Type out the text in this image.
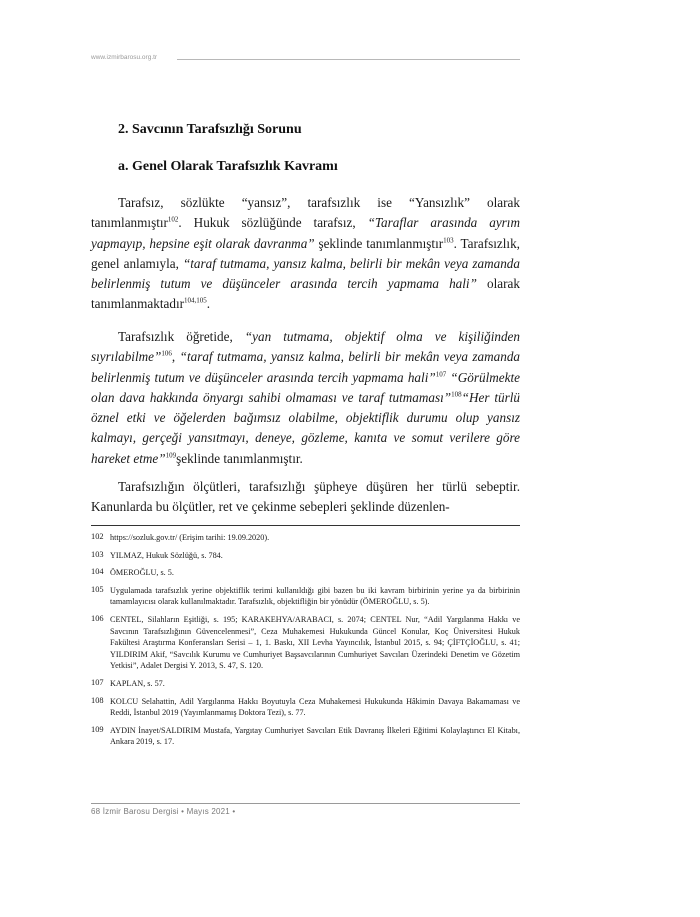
www.izmirbarosu.org.tr
2. Savcının Tarafsızlığı Sorunu
a. Genel Olarak Tarafsızlık Kavramı

Tarafsız, sözlükte “yansız”, tarafsızlık ise “Yansızlık” olarak tanımlanmıştır$^{102}$. Hukuk sözlüğünde tarafsız, “Taraflar arasında ayrım yapmayıp, hepsine eşit olarak davranma” şeklinde tanımlanmıştır$^{103}$. Tarafsızlık, genel anlamıyla, “taraf tutmama, yansız kalma, belirli bir mekân veya zamanda belirlenmiş tutum ve düşünceler arasında tercih yapmama hali” olarak tanımlanmaktadır$^{104,105}$.

Tarafsızlık öğretide, “yan tutmama, objektif olma ve kişiliğinden sıyrılabilme”$^{106}$, “taraf tutmama, yansız kalma, belirli bir mekân veya zamanda belirlenmiş tutum ve düşünceler arasında tercih yapmama hali”$^{107}$ “Görülmekte olan dava hakkında önyargı sahibi olmaması ve taraf tutmaması”$^{108}$“Her türlü öznel etki ve öğelerden bağımsız olabilme, objektiflik durumu olup yansız kalmayı, gerçeği yansıtmayı, deneye, gözleme, kanıta ve somut verilere göre hareket etme”$^{109}$şeklinde tanımlanmıştır.

Tarafsızlığın ölçütleri, tarafsızlığı şüpheye düşüren her türlü sebeptir. Kanunlarda bu ölçütler, ret ve çekinme sebepleri şeklinde düzenlen-

102 https://sozluk.gov.tr/ (Erişim tarihi: 19.09.2020).
103 YILMAZ, Hukuk Sözlüğü, s. 784.
104 ÖMEROĞLU, s. 5.
105 Uygulamada tarafsızlık yerine objektiflik terimi kullanıldığı gibi bazen bu iki kavram birbirinin yerine ya da birbirinin tamamlayıcısı olarak kullanılmaktadır. Tarafsızlık, objektifliğin bir yönüdür (ÖMEROĞLU, s. 5).
106 CENTEL, Silahların Eşitliği, s. 195; KARAKEHYA/ARABACI, s. 2074; CENTEL Nur, “Adil Yargılanma Hakkı ve Savcının Tarafsızlığının Güvencelenmesi”, Ceza Muhakemesi Hukukunda Güncel Konular, Koç Üniversitesi Hukuk Fakültesi Araştırma Konferansları Serisi – 1, 1. Baskı, XII Levha Yayıncılık, İstanbul 2015, s. 94; ÇİFTÇİOĞLU, s. 41; YILDIRIM Akif, “Savcılık Kurumu ve Cumhuriyet Başsavcılarının Cumhuriyet Savcıları Üzerindeki Denetim ve Gözetim Yetkisi”, Adalet Dergisi Y. 2013, S. 47, S. 120.
107 KAPLAN, s. 57.
108 KOLCU Selahattin, Adil Yargılanma Hakkı Boyutuyla Ceza Muhakemesi Hukukunda Hâkimin Davaya Bakamaması ve Reddi, İstanbul 2019 (Yayımlanmamış Doktora Tezi), s. 77.
109 AYDIN İnayet/SALDIRIM Mustafa, Yargıtay Cumhuriyet Savcıları Etik Davranış İlkeleri Eğitimi Kolaylaştırıcı El Kitabı, Ankara 2019, s. 17.
68 İzmir Barosu Dergisi • Mayıs 2021 •
